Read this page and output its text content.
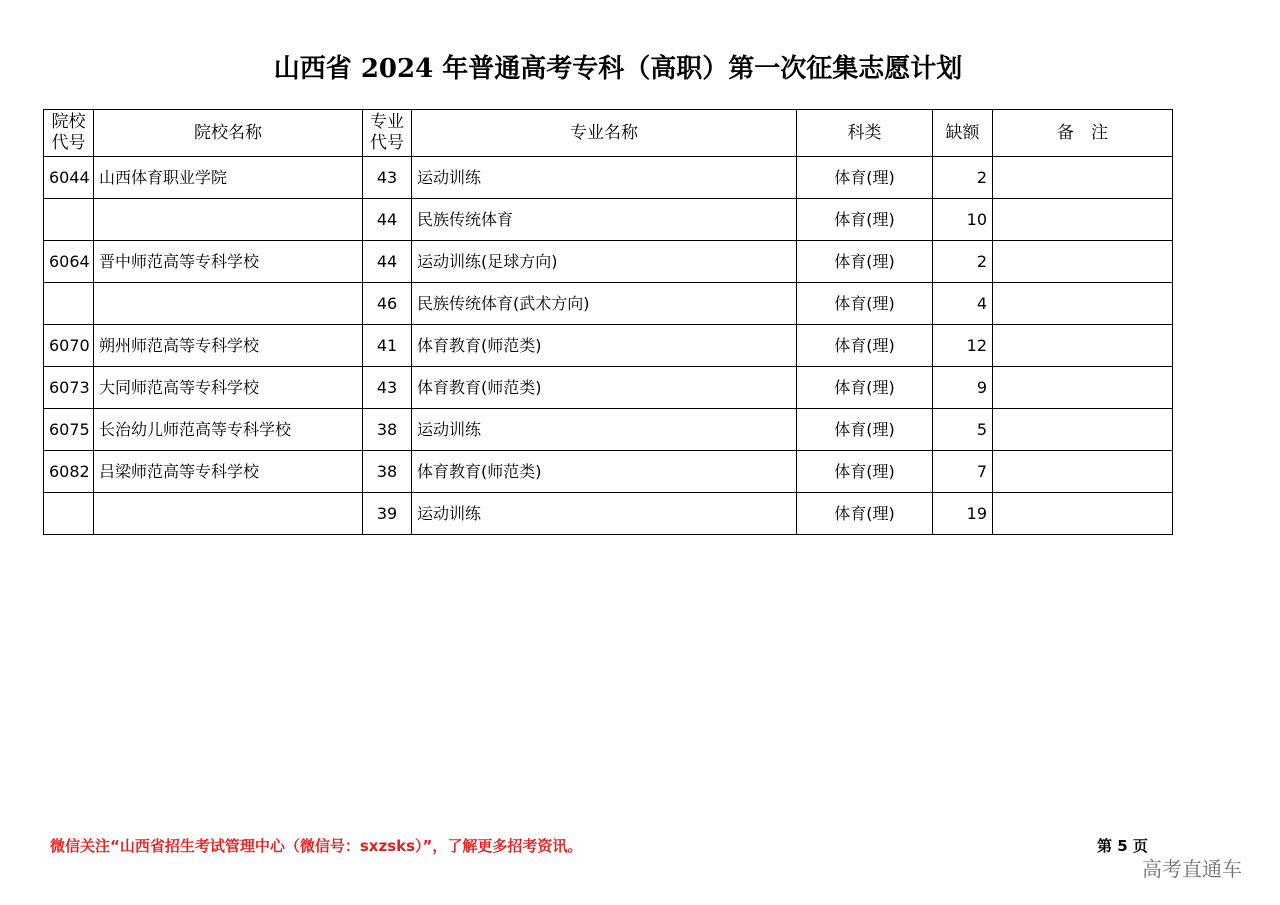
山西省 2024 年普通高考专科（高职）第一次征集志愿计划
院校代号	院校名称	专业代号	专业名称	科类	缺额	备　注
6044	山西体育职业学院	43	运动训练	体育(理)	2	
		44	民族传统体育	体育(理)	10	
6064	晋中师范高等专科学校	44	运动训练(足球方向)	体育(理)	2	
		46	民族传统体育(武术方向)	体育(理)	4	
6070	朔州师范高等专科学校	41	体育教育(师范类)	体育(理)	12	
6073	大同师范高等专科学校	43	体育教育(师范类)	体育(理)	9	
6075	长治幼儿师范高等专科学校	38	运动训练	体育(理)	5	
6082	吕梁师范高等专科学校	38	体育教育(师范类)	体育(理)	7	
		39	运动训练	体育(理)	19	
微信关注“山西省招生考试管理中心（微信号：sxzsks）”，了解更多招考资讯。	第 5 页
高考直通车
